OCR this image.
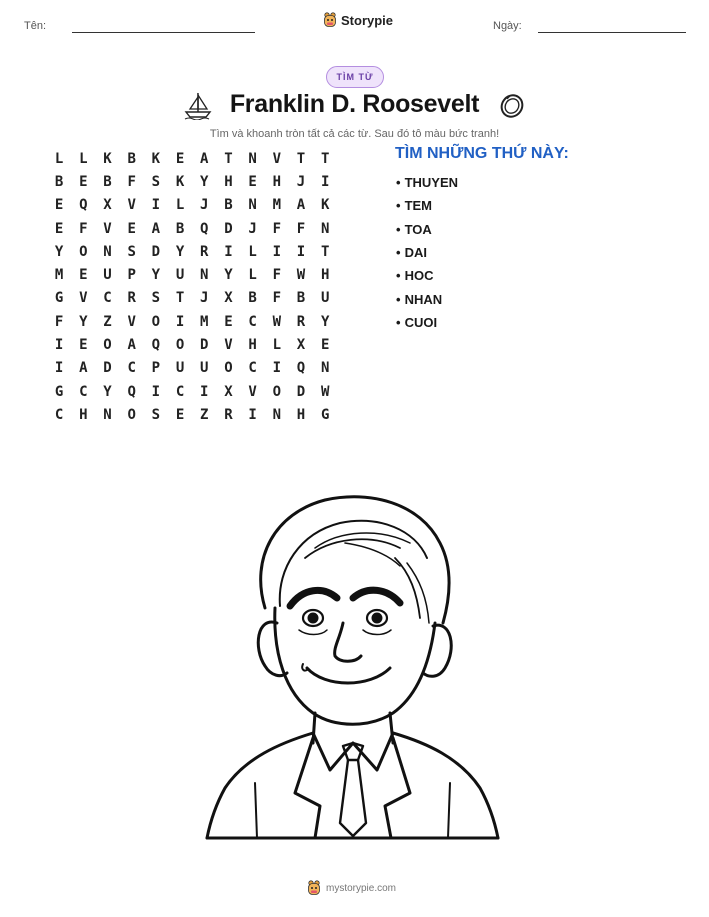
Tên:	Storypie	Ngày:
TÌM TỪ
Franklin D. Roosevelt
Tìm và khoanh tròn tất cả các từ. Sau đó tô màu bức tranh!
L	L	K	B	K	E	A	T	N	V	T	T
B	E	B	F	S	K	Y	H	E	H	J	I
E	Q	X	V	I	L	J	B	N	M	A	K
E	F	V	E	A	B	Q	D	J	F	F	N
Y	O	N	S	D	Y	R	I	L	I	I	T
M	E	U	P	Y	U	N	Y	L	F	W	H
G	V	C	R	S	T	J	X	B	F	B	U
F	Y	Z	V	O	I	M	E	C	W	R	Y
I	E	O	A	Q	O	D	V	H	L	X	E
I	A	D	C	P	U	U	O	C	I	Q	N
G	C	Y	Q	I	C	I	X	V	O	D	W
C	H	N	O	S	E	Z	R	I	N	H	G
TÌM NHỮNG THỨ NÀY:
• THUYEN
• TEM
• TOA
• DAI
• HOC
• NHAN
• CUOI
mystorypie.com
